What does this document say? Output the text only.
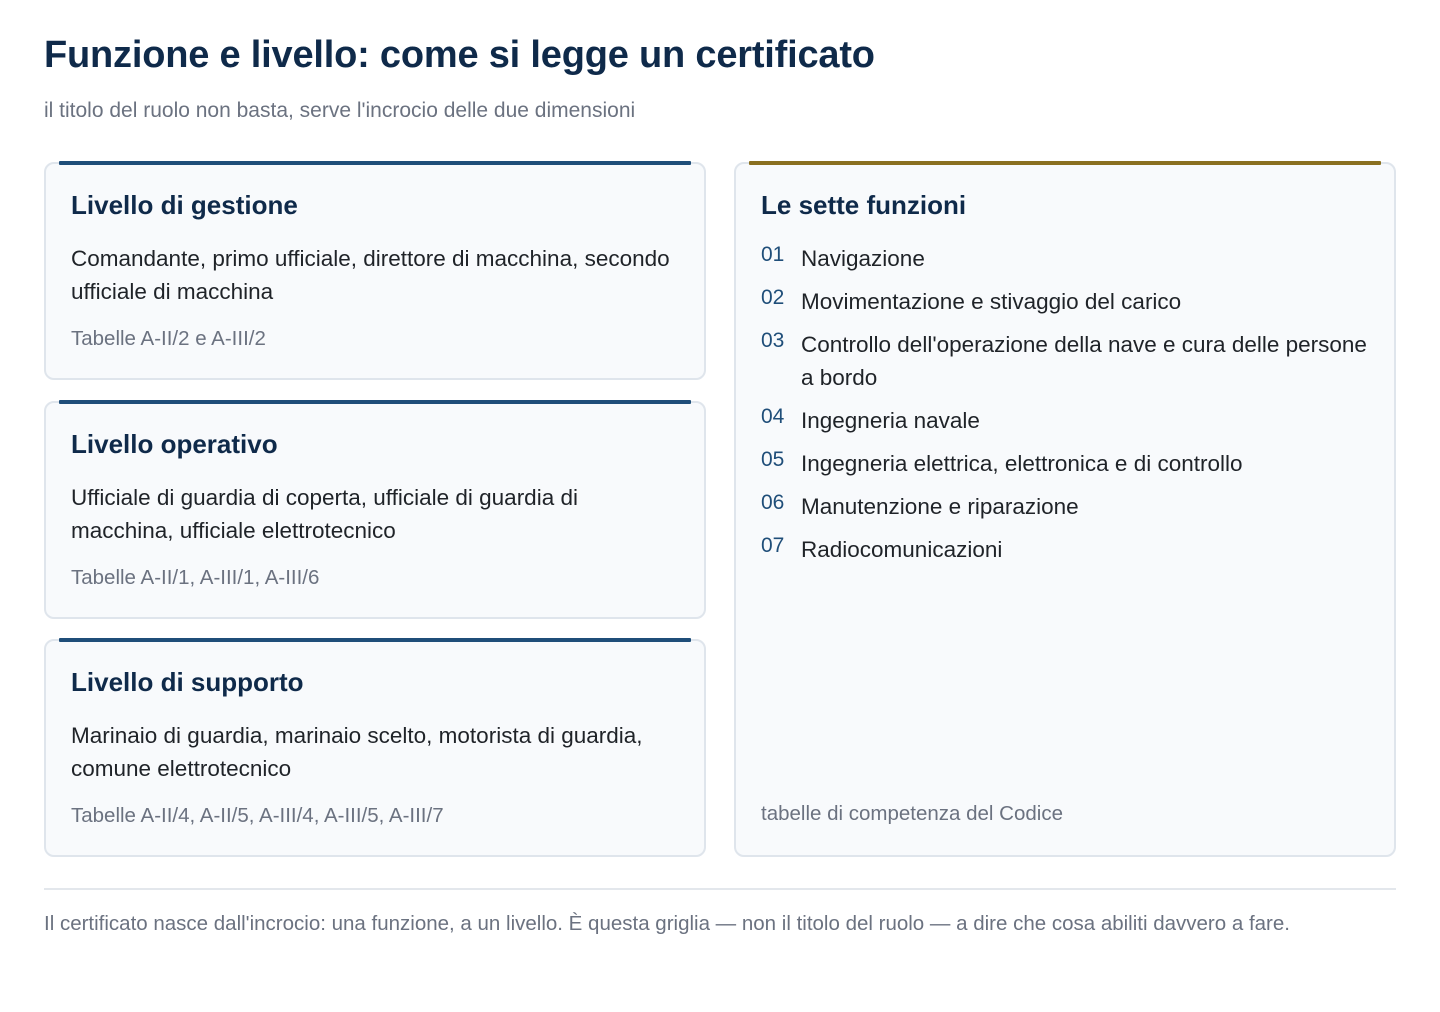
Funzione e livello: come si legge un certificato

il titolo del ruolo non basta, serve l'incrocio delle due dimensioni

Livello di gestione

Comandante, primo ufficiale, direttore di macchina, secondo ufficiale di macchina

Tabelle A-II/2 e A-III/2

Livello operativo

Ufficiale di guardia di coperta, ufficiale di guardia di macchina, ufficiale elettrotecnico

Tabelle A-II/1, A-III/1, A-III/6

Livello di supporto

Marinaio di guardia, marinaio scelto, motorista di guardia, comune elettrotecnico

Tabelle A-II/4, A-II/5, A-III/4, A-III/5, A-III/7

Le sette funzioni
01 Navigazione
02 Movimentazione e stivaggio del carico
03 Controllo dell'operazione della nave e cura delle persone a bordo
04 Ingegneria navale
05 Ingegneria elettrica, elettronica e di controllo
06 Manutenzione e riparazione
07 Radiocomunicazioni

tabelle di competenza del Codice

Il certificato nasce dall'incrocio: una funzione, a un livello. È questa griglia — non il titolo del ruolo — a dire che cosa abiliti davvero a fare.
